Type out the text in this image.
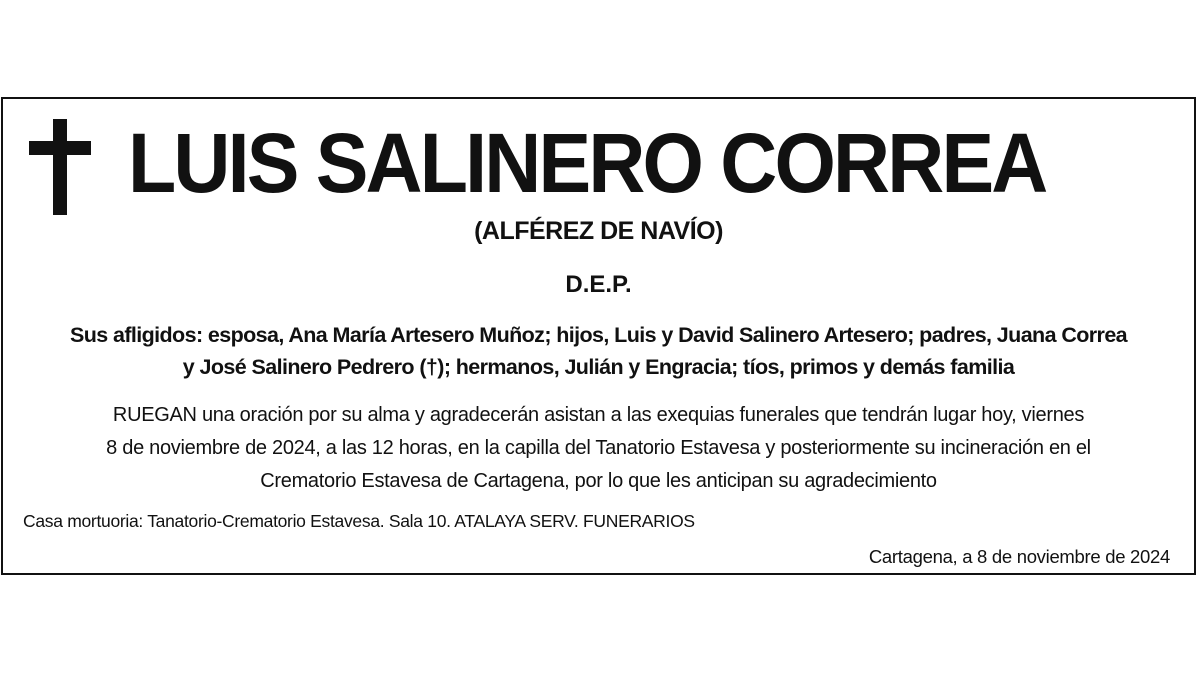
LUIS SALINERO CORREA
(ALFÉREZ DE NAVÍO)
D.E.P.
Sus afligidos: esposa, Ana María Artesero Muñoz; hijos, Luis y David Salinero Artesero; padres, Juana Correa
y José Salinero Pedrero (†); hermanos, Julián y Engracia; tíos, primos y demás familia
RUEGAN una oración por su alma y agradecerán asistan a las exequias funerales que tendrán lugar hoy, viernes
8 de noviembre de 2024, a las 12 horas, en la capilla del Tanatorio Estavesa y posteriormente su incineración en el
Crematorio Estavesa de Cartagena, por lo que les anticipan su agradecimiento
Casa mortuoria: Tanatorio-Crematorio Estavesa. Sala 10. ATALAYA SERV. FUNERARIOS
Cartagena, a 8 de noviembre de 2024
